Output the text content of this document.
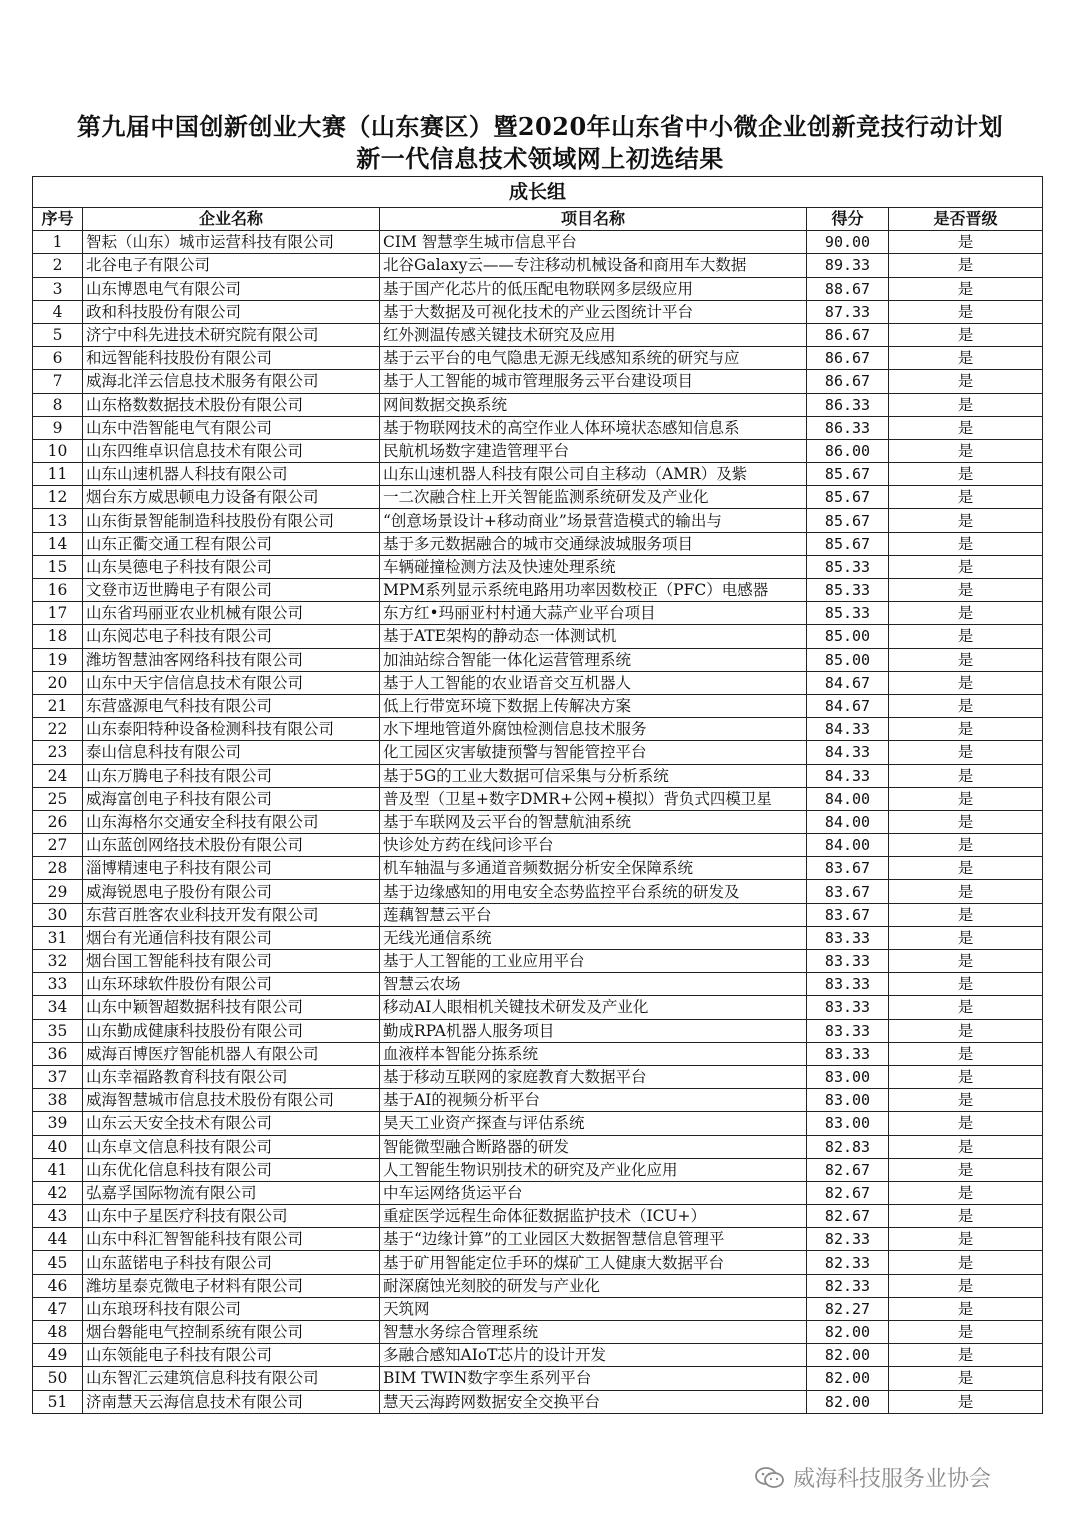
第九届中国创新创业大赛（山东赛区）暨2020年山东省中小微企业创新竞技行动计划
新一代信息技术领域网上初选结果
成长组				
序号	企业名称	项目名称	得分	是否晋级
1	智耘（山东）城市运营科技有限公司	CIM 智慧孪生城市信息平台	90.00	是
2	北谷电子有限公司	北谷Galaxy云——专注移动机械设备和商用车大数据	89.33	是
3	山东博恩电气有限公司	基于国产化芯片的低压配电物联网多层级应用	88.67	是
4	政和科技股份有限公司	基于大数据及可视化技术的产业云图统计平台	87.33	是
5	济宁中科先进技术研究院有限公司	红外测温传感关键技术研究及应用	86.67	是
6	和远智能科技股份有限公司	基于云平台的电气隐患无源无线感知系统的研究与应	86.67	是
7	威海北洋云信息技术服务有限公司	基于人工智能的城市管理服务云平台建设项目	86.67	是
8	山东格数数据技术股份有限公司	网间数据交换系统	86.33	是
9	山东中浩智能电气有限公司	基于物联网技术的高空作业人体环境状态感知信息系	86.33	是
10	山东四维卓识信息技术有限公司	民航机场数字建造管理平台	86.00	是
11	山东山速机器人科技有限公司	山东山速机器人科技有限公司自主移动（AMR）及紫	85.67	是
12	烟台东方威思顿电力设备有限公司	一二次融合柱上开关智能监测系统研发及产业化	85.67	是
13	山东街景智能制造科技股份有限公司	“创意场景设计+移动商业”场景营造模式的输出与	85.67	是
14	山东正衢交通工程有限公司	基于多元数据融合的城市交通绿波城服务项目	85.67	是
15	山东昊德电子科技有限公司	车辆碰撞检测方法及快速处理系统	85.33	是
16	文登市迈世腾电子有限公司	MPM系列显示系统电路用功率因数校正（PFC）电感器	85.33	是
17	山东省玛丽亚农业机械有限公司	东方红•玛丽亚村村通大蒜产业平台项目	85.33	是
18	山东阅芯电子科技有限公司	基于ATE架构的静动态一体测试机	85.00	是
19	潍坊智慧油客网络科技有限公司	加油站综合智能一体化运营管理系统	85.00	是
20	山东中天宇信信息技术有限公司	基于人工智能的农业语音交互机器人	84.67	是
21	东营盛源电气科技有限公司	低上行带宽环境下数据上传解决方案	84.67	是
22	山东泰阳特种设备检测科技有限公司	水下埋地管道外腐蚀检测信息技术服务	84.33	是
23	泰山信息科技有限公司	化工园区灾害敏捷预警与智能管控平台	84.33	是
24	山东万腾电子科技有限公司	基于5G的工业大数据可信采集与分析系统	84.33	是
25	威海富创电子科技有限公司	普及型（卫星+数字DMR+公网+模拟）背负式四模卫星	84.00	是
26	山东海格尔交通安全科技有限公司	基于车联网及云平台的智慧航油系统	84.00	是
27	山东蓝创网络技术股份有限公司	快诊处方药在线问诊平台	84.00	是
28	淄博精速电子科技有限公司	机车轴温与多通道音频数据分析安全保障系统	83.67	是
29	威海锐恩电子股份有限公司	基于边缘感知的用电安全态势监控平台系统的研发及	83.67	是
30	东营百胜客农业科技开发有限公司	莲藕智慧云平台	83.67	是
31	烟台有光通信科技有限公司	无线光通信系统	83.33	是
32	烟台国工智能科技有限公司	基于人工智能的工业应用平台	83.33	是
33	山东环球软件股份有限公司	智慧云农场	83.33	是
34	山东中颖智超数据科技有限公司	移动AI人眼相机关键技术研发及产业化	83.33	是
35	山东勤成健康科技股份有限公司	勤成RPA机器人服务项目	83.33	是
36	威海百博医疗智能机器人有限公司	血液样本智能分拣系统	83.33	是
37	山东幸福路教育科技有限公司	基于移动互联网的家庭教育大数据平台	83.00	是
38	威海智慧城市信息技术股份有限公司	基于AI的视频分析平台	83.00	是
39	山东云天安全技术有限公司	昊天工业资产探查与评估系统	83.00	是
40	山东卓文信息科技有限公司	智能微型融合断路器的研发	82.83	是
41	山东优化信息科技有限公司	人工智能生物识别技术的研究及产业化应用	82.67	是
42	弘嘉孚国际物流有限公司	中车运网络货运平台	82.67	是
43	山东中子星医疗科技有限公司	重症医学远程生命体征数据监护技术（ICU+）	82.67	是
44	山东中科汇智智能科技有限公司	基于“边缘计算”的工业园区大数据智慧信息管理平	82.33	是
45	山东蓝锘电子科技有限公司	基于矿用智能定位手环的煤矿工人健康大数据平台	82.33	是
46	潍坊星泰克微电子材料有限公司	耐深腐蚀光刻胶的研发与产业化	82.33	是
47	山东琅玡科技有限公司	天筑网	82.27	是
48	烟台磐能电气控制系统有限公司	智慧水务综合管理系统	82.00	是
49	山东领能电子科技有限公司	多融合感知AIoT芯片的设计开发	82.00	是
50	山东智汇云建筑信息科技有限公司	BIM TWIN数字孪生系列平台	82.00	是
51	济南慧天云海信息技术有限公司	慧天云海跨网数据安全交换平台	82.00	是
威海科技服务业协会
